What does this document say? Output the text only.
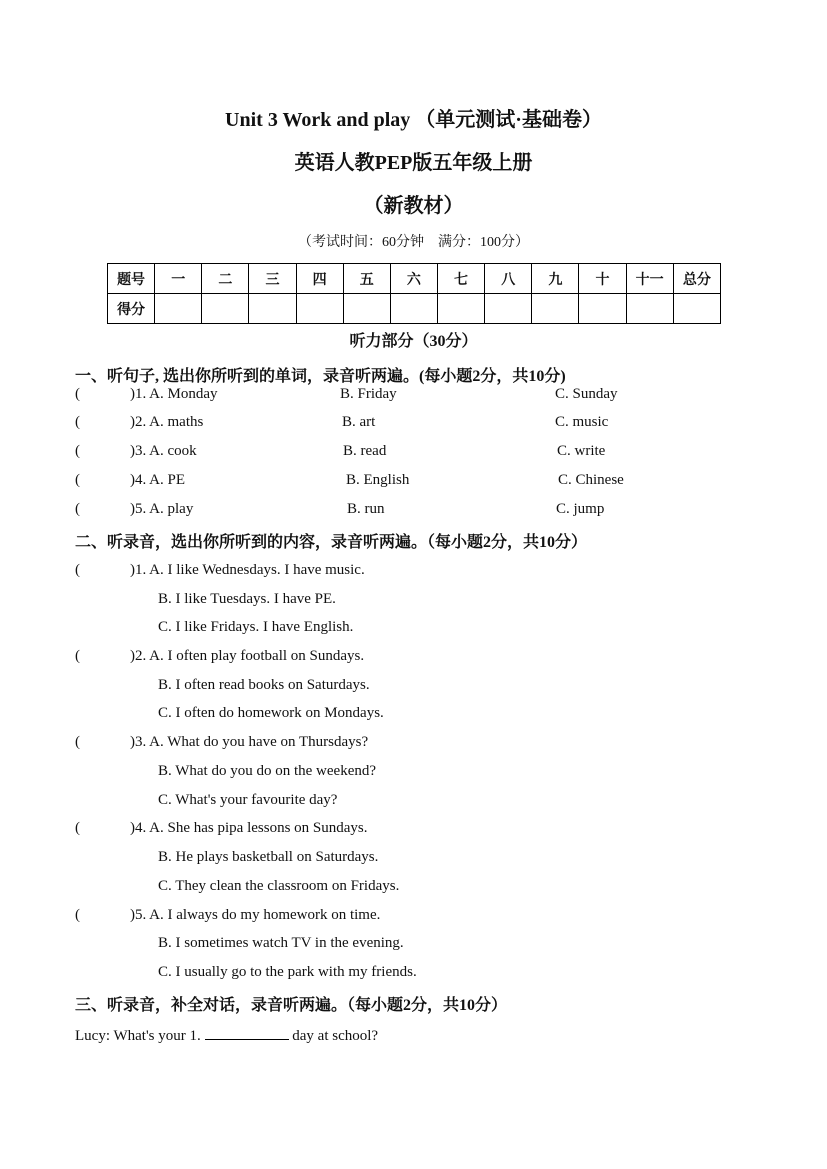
Unit 3 Work and play （单元测试·基础卷）
英语人教PEP版五年级上册
（新教材）
（考试时间：60分钟　满分：100分）
题号	一	二	三	四	五	六	七	八	九	十	十一	总分
得分												
听力部分（30分）
一、听句子, 选出你所听到的单词，录音听两遍。(每小题2分，共10分)
(	)1. A. Monday	B. Friday	C. Sunday
(	)2. A. maths	B. art	C. music
(	)3. A. cook	B. read	C. write
(	)4. A. PE	B. English	C. Chinese
(	)5. A. play	B. run	C. jump
二、听录音，选出你所听到的内容，录音听两遍。（每小题2分，共10分）
(	)1. A. I like Wednesdays. I have music.
B. I like Tuesdays. I have PE.
C. I like Fridays. I have English.
(	)2. A. I often play football on Sundays.
B. I often read books on Saturdays.
C. I often do homework on Mondays.
(	)3. A. What do you have on Thursdays?
B. What do you do on the weekend?
C. What's your favourite day?
(	)4. A. She has pipa lessons on Sundays.
B. He plays basketball on Saturdays.
C. They clean the classroom on Fridays.
(	)5. A. I always do my homework on time.
B. I sometimes watch TV in the evening.
C. I usually go to the park with my friends.
三、听录音，补全对话，录音听两遍。（每小题2分，共10分）
Lucy: What's your 1.	day at school?
